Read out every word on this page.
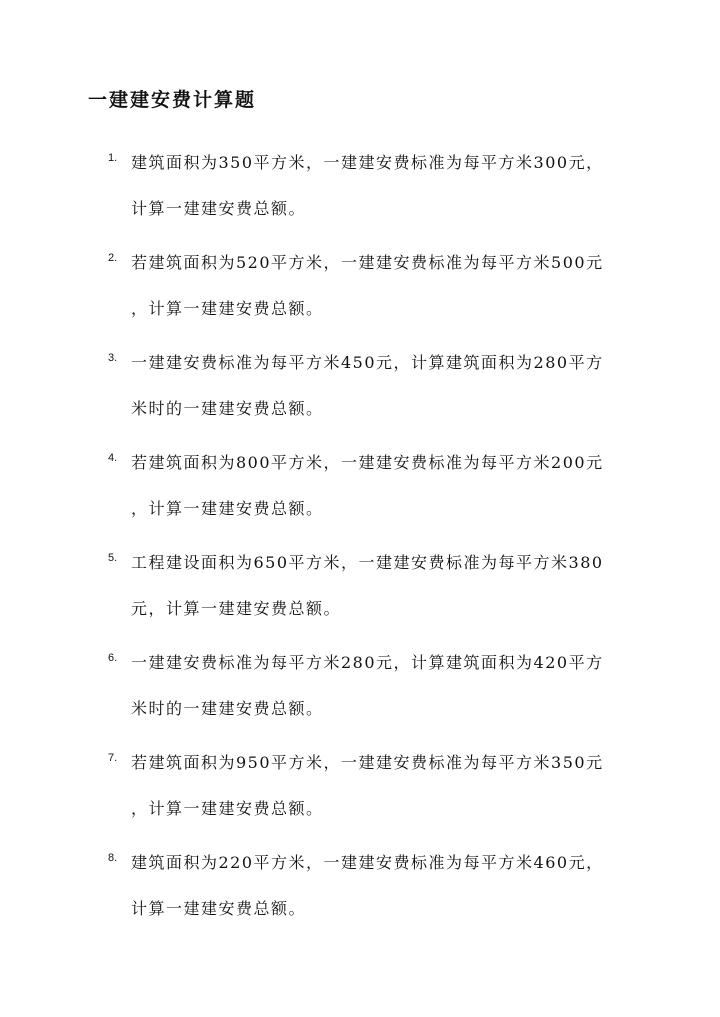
一建建安费计算题
1. 建筑面积为350平方米，一建建安费标准为每平方米300元，
计算一建建安费总额。

2. 若建筑面积为520平方米，一建建安费标准为每平方米500元
，计算一建建安费总额。

3. 一建建安费标准为每平方米450元，计算建筑面积为280平方
米时的一建建安费总额。

4. 若建筑面积为800平方米，一建建安费标准为每平方米200元
，计算一建建安费总额。

5. 工程建设面积为650平方米，一建建安费标准为每平方米380
元，计算一建建安费总额。

6. 一建建安费标准为每平方米280元，计算建筑面积为420平方
米时的一建建安费总额。

7. 若建筑面积为950平方米，一建建安费标准为每平方米350元
，计算一建建安费总额。

8. 建筑面积为220平方米，一建建安费标准为每平方米460元，
计算一建建安费总额。
